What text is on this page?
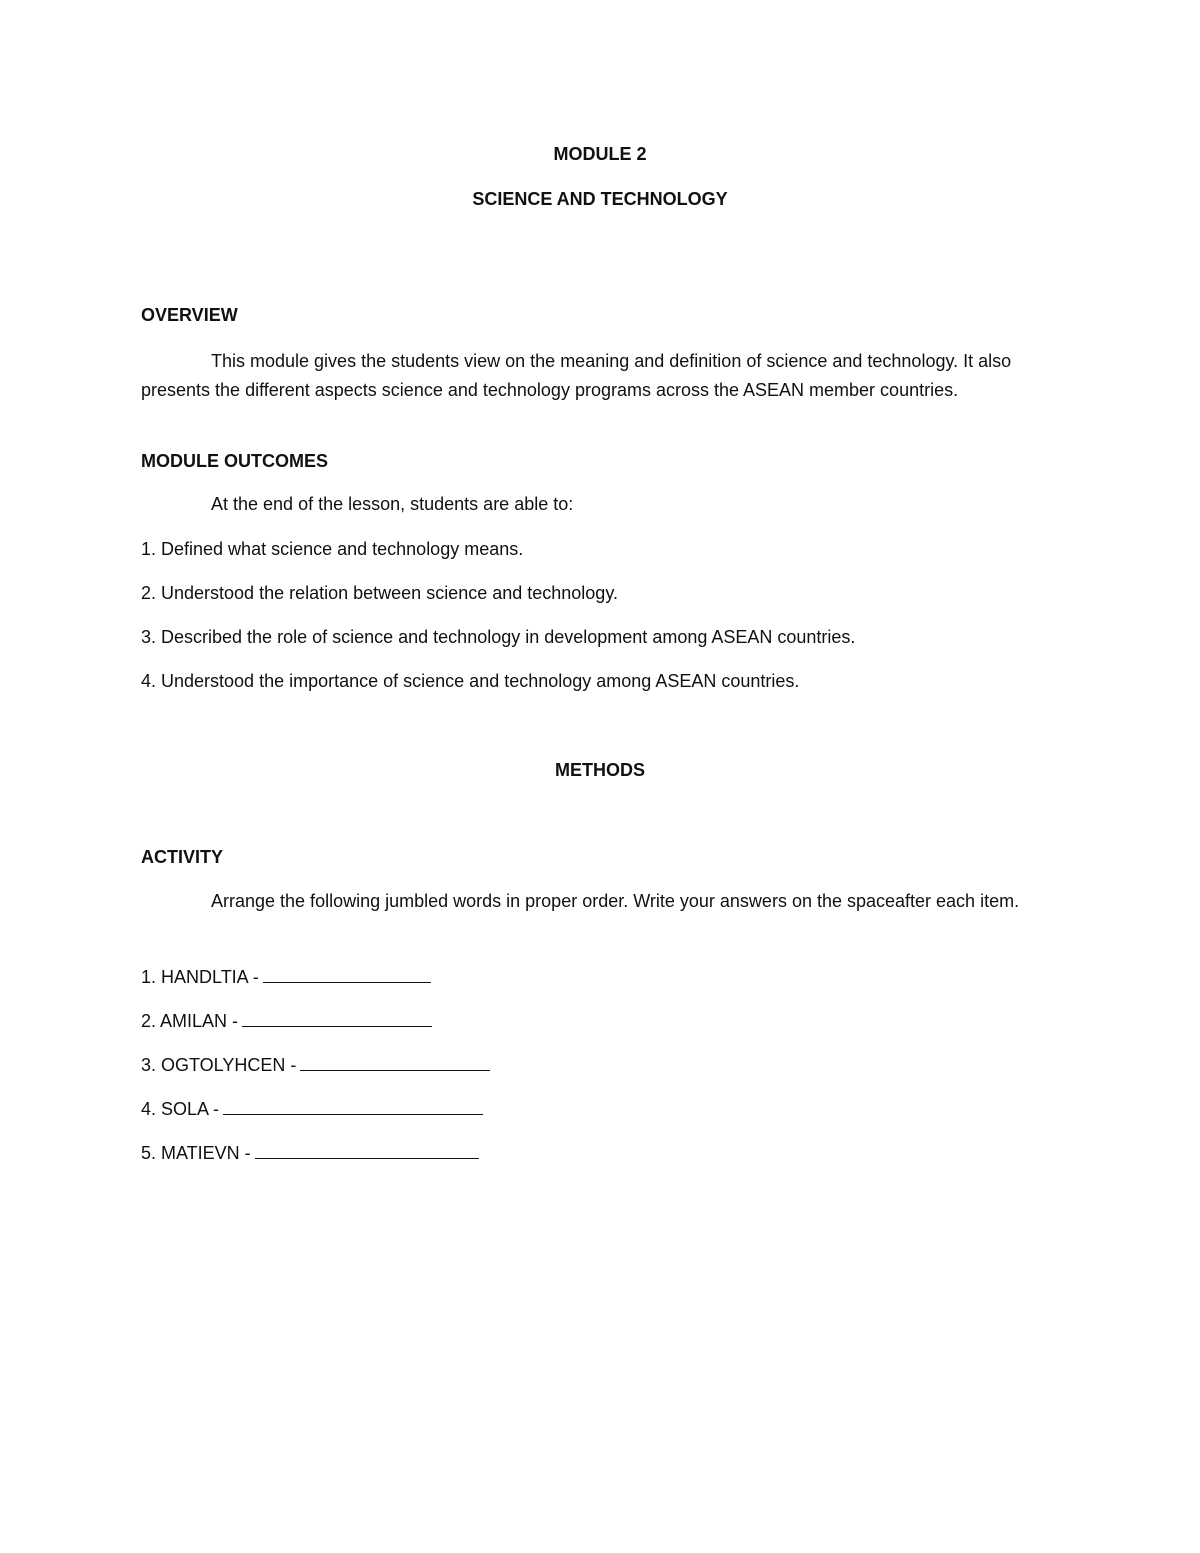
MODULE 2
SCIENCE AND TECHNOLOGY
OVERVIEW
This module gives the students view on the meaning and definition of science and technology. It also presents the different aspects science and technology programs across the ASEAN member countries.
MODULE OUTCOMES
At the end of the lesson, students are able to:
1. Defined what science and technology means.
2. Understood the relation between science and technology.
3. Described the role of science and technology in development among ASEAN countries.
4. Understood the importance of science and technology among ASEAN countries.
METHODS
ACTIVITY
Arrange the following jumbled words in proper order. Write your answers on the spaceafter each item.
1. HANDLTIA -
2. AMILAN -
3. OGTOLYHCEN -
4. SOLA -
5. MATIEVN -
